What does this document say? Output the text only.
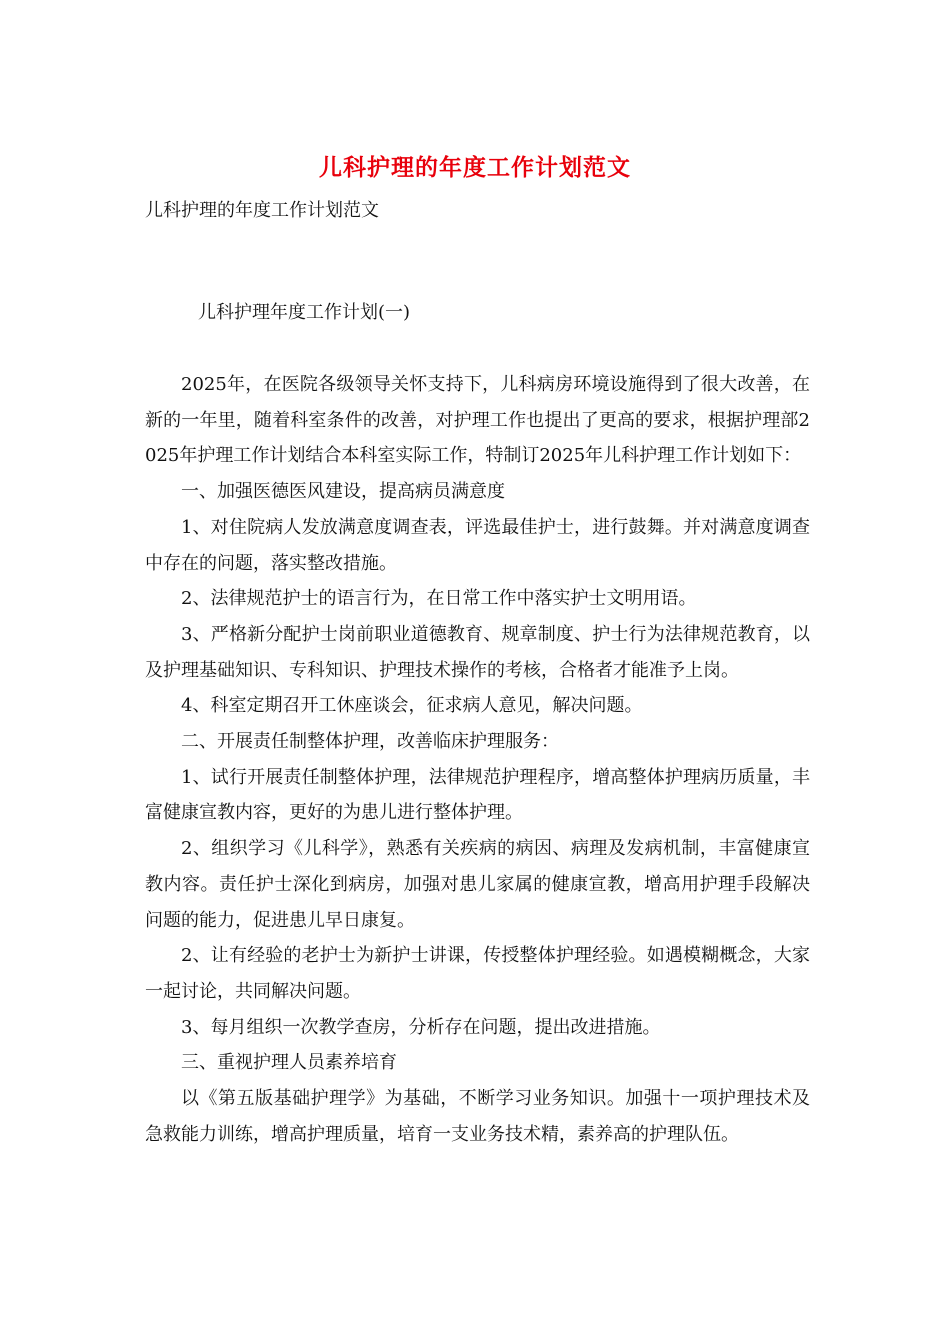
儿科护理的年度工作计划范文
儿科护理的年度工作计划范文
儿科护理年度工作计划(一)

2025年，在医院各级领导关怀支持下，儿科病房环境设施得到了很大改善，在新的一年里，随着科室条件的改善，对护理工作也提出了更高的要求，根据护理部2025年护理工作计划结合本科室实际工作，特制订2025年儿科护理工作计划如下：

一、加强医德医风建设，提高病员满意度

1、对住院病人发放满意度调查表，评选最佳护士，进行鼓舞。并对满意度调查中存在的问题，落实整改措施。

2、法律规范护士的语言行为，在日常工作中落实护士文明用语。

3、严格新分配护士岗前职业道德教育、规章制度、护士行为法律规范教育，以及护理基础知识、专科知识、护理技术操作的考核，合格者才能准予上岗。

4、科室定期召开工休座谈会，征求病人意见，解决问题。

二、开展责任制整体护理，改善临床护理服务：

1、试行开展责任制整体护理，法律规范护理程序，增高整体护理病历质量，丰富健康宣教内容，更好的为患儿进行整体护理。

2、组织学习《儿科学》，熟悉有关疾病的病因、病理及发病机制，丰富健康宣教内容。责任护士深化到病房，加强对患儿家属的健康宣教，增高用护理手段解决问题的能力，促进患儿早日康复。

2、让有经验的老护士为新护士讲课，传授整体护理经验。如遇模糊概念，大家一起讨论，共同解决问题。

3、每月组织一次教学查房，分析存在问题，提出改进措施。

三、重视护理人员素养培育

以《第五版基础护理学》为基础，不断学习业务知识。加强十一项护理技术及急救能力训练，增高护理质量，培育一支业务技术精，素养高的护理队伍。
